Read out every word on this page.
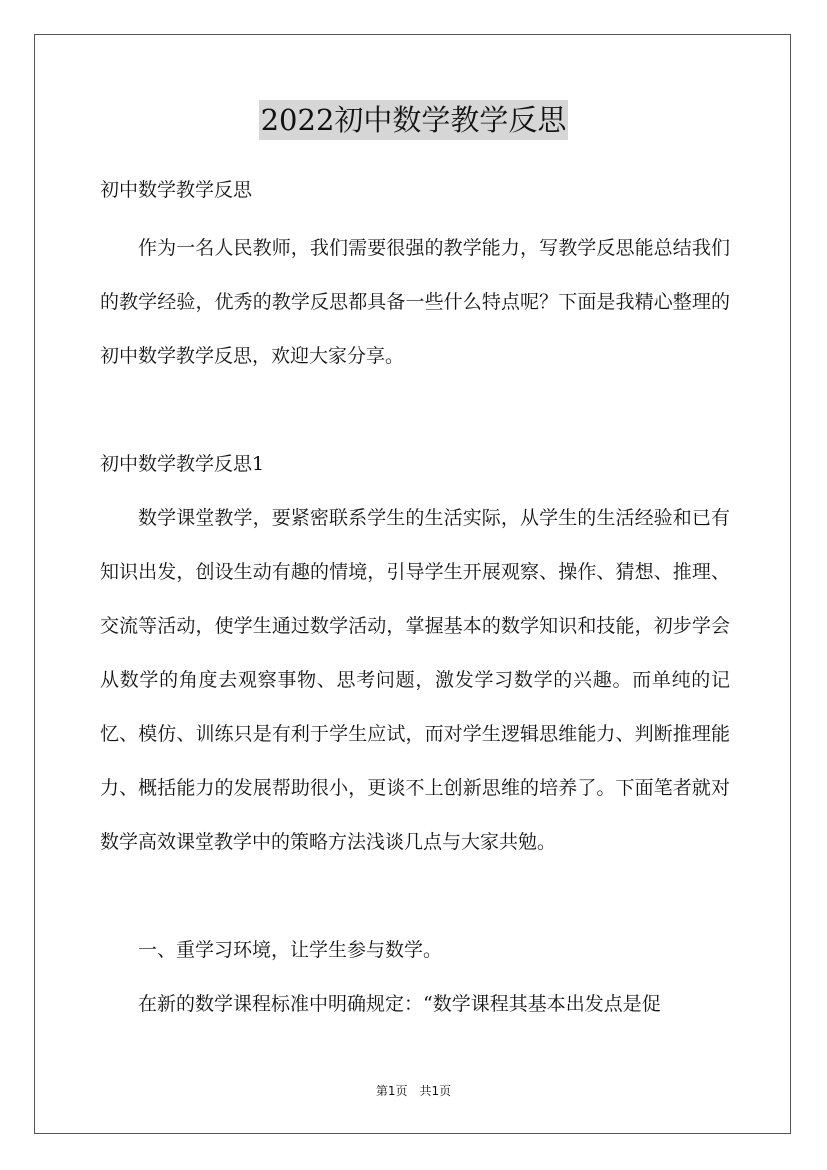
2022初中数学教学反思
初中数学教学反思
作为一名人民教师，我们需要很强的教学能力，写教学反思能总结我们的教学经验，优秀的教学反思都具备一些什么特点呢？下面是我精心整理的初中数学教学反思，欢迎大家分享。
初中数学教学反思1
数学课堂教学，要紧密联系学生的生活实际，从学生的生活经验和已有知识出发，创设生动有趣的情境，引导学生开展观察、操作、猜想、推理、交流等活动，使学生通过数学活动，掌握基本的数学知识和技能，初步学会从数学的角度去观察事物、思考问题，激发学习数学的兴趣。而单纯的记忆、模仿、训练只是有利于学生应试，而对学生逻辑思维能力、判断推理能力、概括能力的发展帮助很小，更谈不上创新思维的培养了。下面笔者就对数学高效课堂教学中的策略方法浅谈几点与大家共勉。
一、重学习环境，让学生参与数学。
在新的数学课程标准中明确规定：“数学课程其基本出发点是促
第1页　共1页
